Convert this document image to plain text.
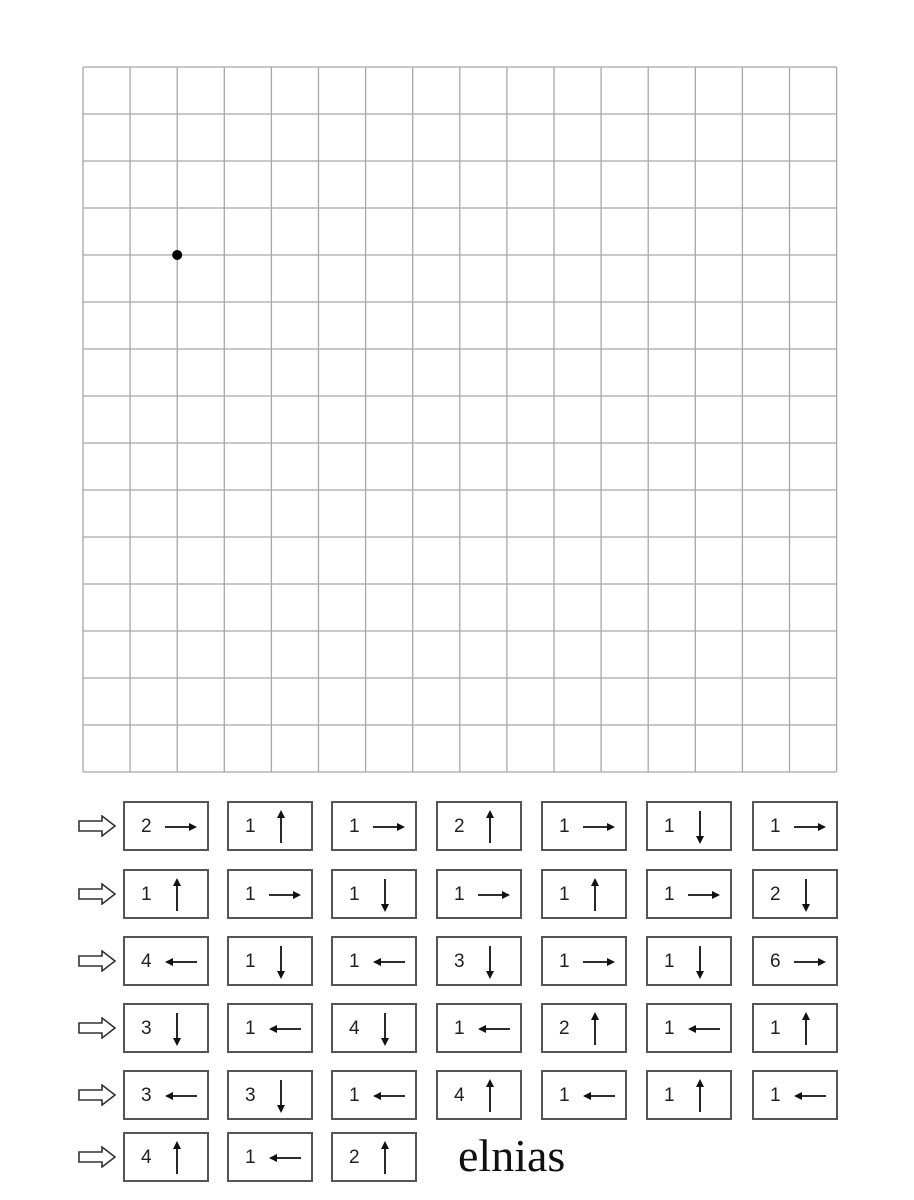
2	1	1	2	1	1	1
1	1	1	1	1	1	2
4	1	1	3	1	1	6
3	1	4	1	2	1	1
3	3	1	4	1	1	1
4	1	2 elnias
